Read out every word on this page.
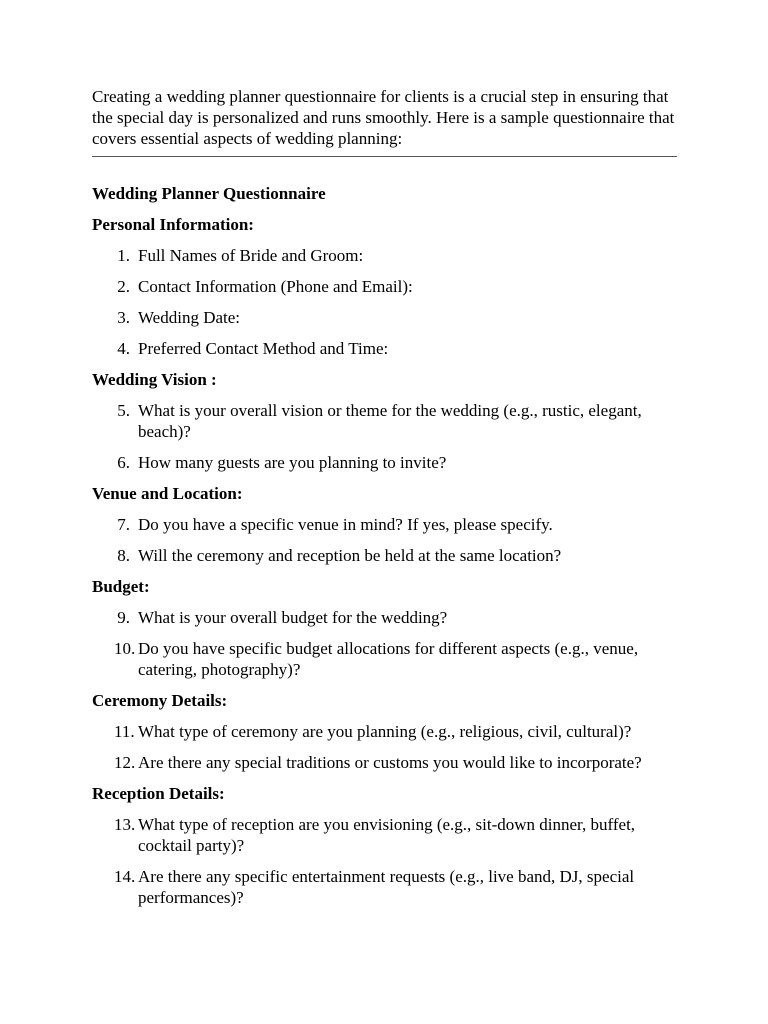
Creating a wedding planner questionnaire for clients is a crucial step in ensuring that the special day is personalized and runs smoothly. Here is a sample questionnaire that covers essential aspects of wedding planning:

Wedding Planner Questionnaire
Personal Information:
1. Full Names of Bride and Groom:
2. Contact Information (Phone and Email):
3. Wedding Date:
4. Preferred Contact Method and Time:
Wedding Vision :
5. What is your overall vision or theme for the wedding (e.g., rustic, elegant, beach)?
6. How many guests are you planning to invite?
Venue and Location:
7. Do you have a specific venue in mind? If yes, please specify.
8. Will the ceremony and reception be held at the same location?
Budget:
9. What is your overall budget for the wedding?
10. Do you have specific budget allocations for different aspects (e.g., venue, catering, photography)?
Ceremony Details:
11. What type of ceremony are you planning (e.g., religious, civil, cultural)?
12. Are there any special traditions or customs you would like to incorporate?
Reception Details:
13. What type of reception are you envisioning (e.g., sit-down dinner, buffet, cocktail party)?
14. Are there any specific entertainment requests (e.g., live band, DJ, special performances)?
